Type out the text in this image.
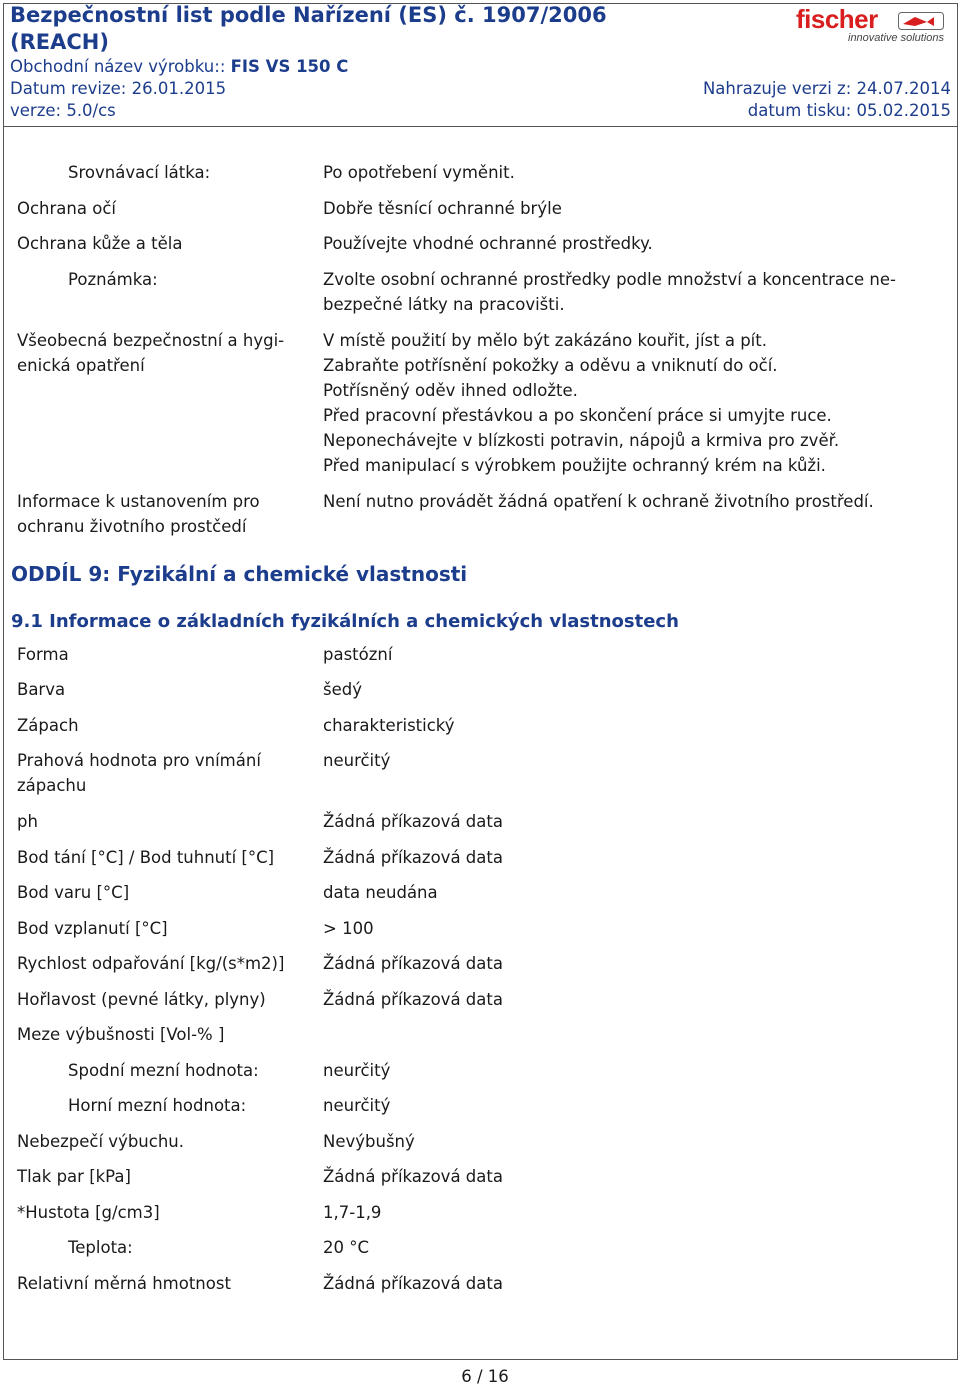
Bezpečnostní list podle Nařízení (ES) č. 1907/2006
(REACH)
Obchodní název výrobku:: FIS VS 150 C
Datum revize: 26.01.2015	Nahrazuje verzi z: 24.07.2014
verze: 5.0/cs	datum tisku: 05.02.2015
fischer
innovative solutions
Srovnávací látka:	Po opotřebení vyměnit.
Ochrana očí	Dobře těsnící ochranné brýle
Ochrana kůže a těla	Používejte vhodné ochranné prostředky.
Poznámka:	Zvolte osobní ochranné prostředky podle množství a koncentrace ne-
bezpečné látky na pracovišti.
Všeobecná bezpečnostní a hygi-
enická opatření
V místě použití by mělo být zakázáno kouřit, jíst a pít.
Zabraňte potřísnění pokožky a oděvu a vniknutí do očí.
Potřísněný oděv ihned odložte.
Před pracovní přestávkou a po skončení práce si umyjte ruce.
Neponechávejte v blízkosti potravin, nápojů a krmiva pro zvěř.
Před manipulací s výrobkem použijte ochranný krém na kůži.
Informace k ustanovením pro
ochranu životního prostčedí
Není nutno provádět žádná opatření k ochraně životního prostředí.
ODDÍL 9: Fyzikální a chemické vlastnosti
9.1 Informace o základních fyzikálních a chemických vlastnostech
Forma	pastózní
Barva	šedý
Zápach	charakteristický
Prahová hodnota pro vnímání
zápachu
neurčitý
ph	Žádná příkazová data
Bod tání [°C] / Bod tuhnutí [°C]	Žádná příkazová data
Bod varu [°C]	data neudána
Bod vzplanutí [°C]	> 100
Rychlost odpařování [kg/(s*m2)] Žádná příkazová data
Hořlavost (pevné látky, plyny)	Žádná příkazová data
Meze výbušnosti [Vol-% ]
Spodní mezní hodnota:	neurčitý
Horní mezní hodnota:	neurčitý
Nebezpečí výbuchu.	Nevýbušný
Tlak par [kPa]	Žádná příkazová data
*Hustota [g/cm3]	1,7-1,9
Teplota:	20 °C
Relativní měrná hmotnost	Žádná příkazová data
6 / 16
